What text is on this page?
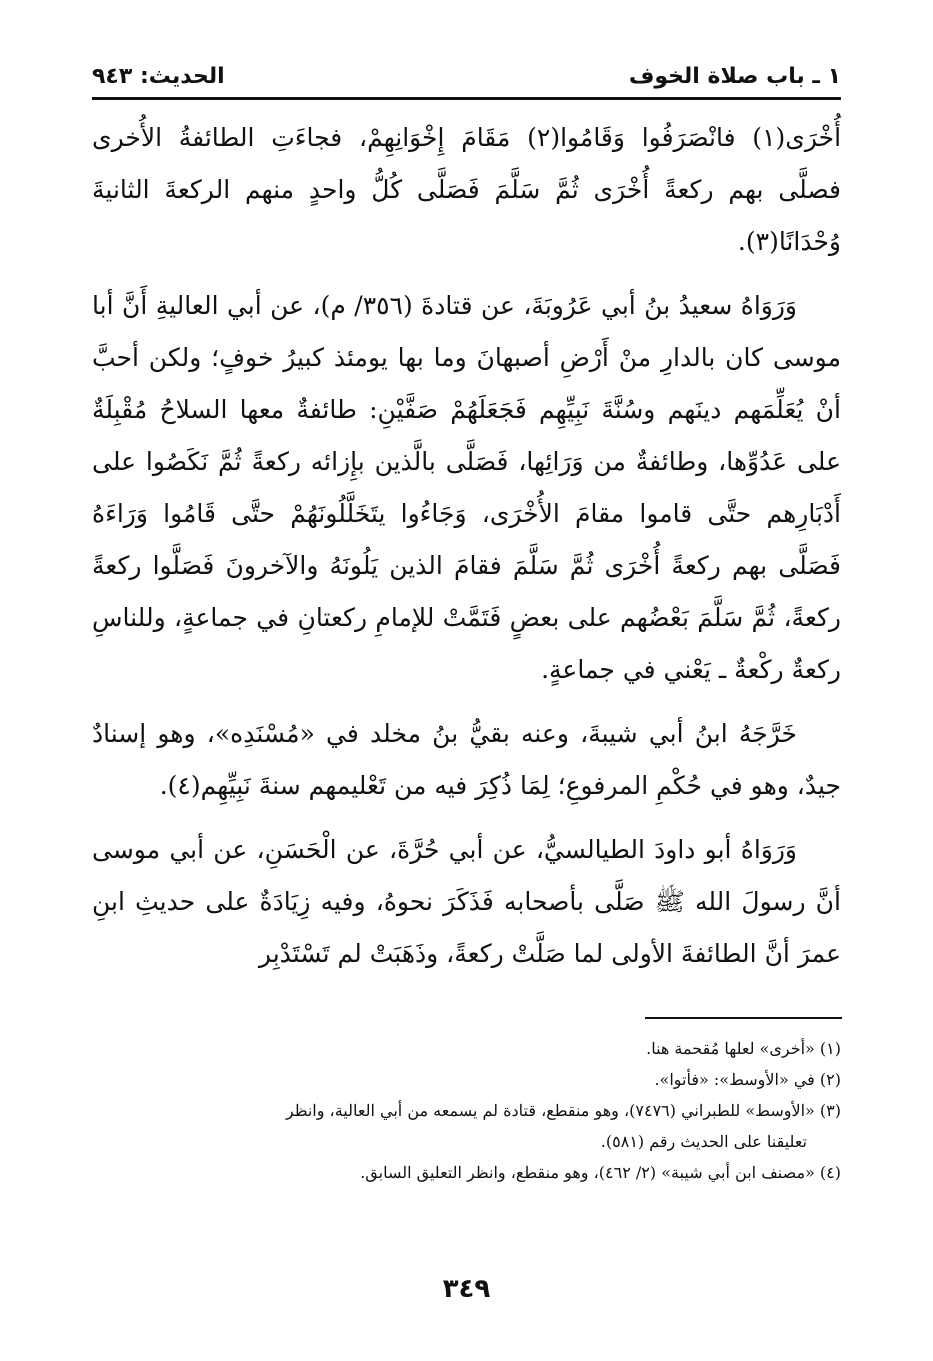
١ ـ باب صلاة الخوف
الحديث: ٩٤٣

أُخْرَى(١) فانْصَرَفُوا وَقَامُوا(٢) مَقَامَ إِخْوَانِهِمْ، فجاءَتِ الطائفةُ الأُخرى فصلَّى بهم ركعةً أُخْرَى ثُمَّ سَلَّمَ فَصَلَّى كُلُّ واحدٍ منهم الركعةَ الثانيةَ وُحْدَانًا(٣).

وَرَوَاهُ سعيدُ بنُ أبي عَرُوبَةَ، عن قتادةَ (٣٥٦/ م)، عن أبي العاليةِ أَنَّ أبا موسى كان بالدارِ منْ أَرْضِ أصبهانَ وما بها يومئذ كبيرُ خوفٍ؛ ولكن أحبَّ أنْ يُعَلِّمَهم دينَهم وسُنَّةَ نَبِيِّهِم فَجَعَلَهُمْ صَفَّيْنِ: طائفةٌ معها السلاحُ مُقْبِلَةٌ على عَدُوِّها، وطائفةٌ من وَرَائِها، فَصَلَّى بالَّذين بإِزائه ركعةً ثُمَّ نَكَصُوا على أَدْبَارِهم حتَّى قاموا مقامَ الأُخْرَى، وَجَاءُوا يتَخَلَّلُونَهُمْ حتَّى قَامُوا وَرَاءَهُ فَصَلَّى بهم ركعةً أُخْرَى ثُمَّ سَلَّمَ فقامَ الذين يَلُونَهُ والآخرونَ فَصَلَّوا ركعةً ركعةً، ثُمَّ سَلَّمَ بَعْضُهم على بعضٍ فَتَمَّتْ للإمامِ ركعتانِ في جماعةٍ، وللناسِ ركعةٌ ركْعةٌ ـ يَعْني في جماعةٍ.

خَرَّجَهُ ابنُ أبي شيبةَ، وعنه بقيُّ بنُ مخلد في «مُسْنَدِه»، وهو إسنادٌ جيدٌ، وهو في حُكْمِ المرفوعِ؛ لِمَا ذُكِرَ فيه من تَعْليمهم سنةَ نَبِيِّهِم(٤).

وَرَوَاهُ أبو داودَ الطيالسيُّ، عن أبي حُرَّةَ، عن الْحَسَنِ، عن أبي موسى أنَّ رسولَ الله ﷺ صَلَّى بأصحابه فَذَكَرَ نحوهُ، وفيه زِيَادَةٌ على حديثِ ابنِ عمرَ أنَّ الطائفةَ الأولى لما صَلَّتْ ركعةً، وذَهَبَتْ لم تَسْتَدْبِر

(١) «أخرى» لعلها مُقحمة هنا.

(٢) في «الأوسط»: «فأتوا».

(٣) «الأوسط» للطبراني (٧٤٧٦)، وهو منقطع، قتادة لم يسمعه من أبي العالية، وانظر

تعليقنا على الحديث رقم (٥٨١).

(٤) «مصنف ابن أبي شيبة» (٢/ ٤٦٢)، وهو منقطع، وانظر التعليق السابق.

٣٤٩
